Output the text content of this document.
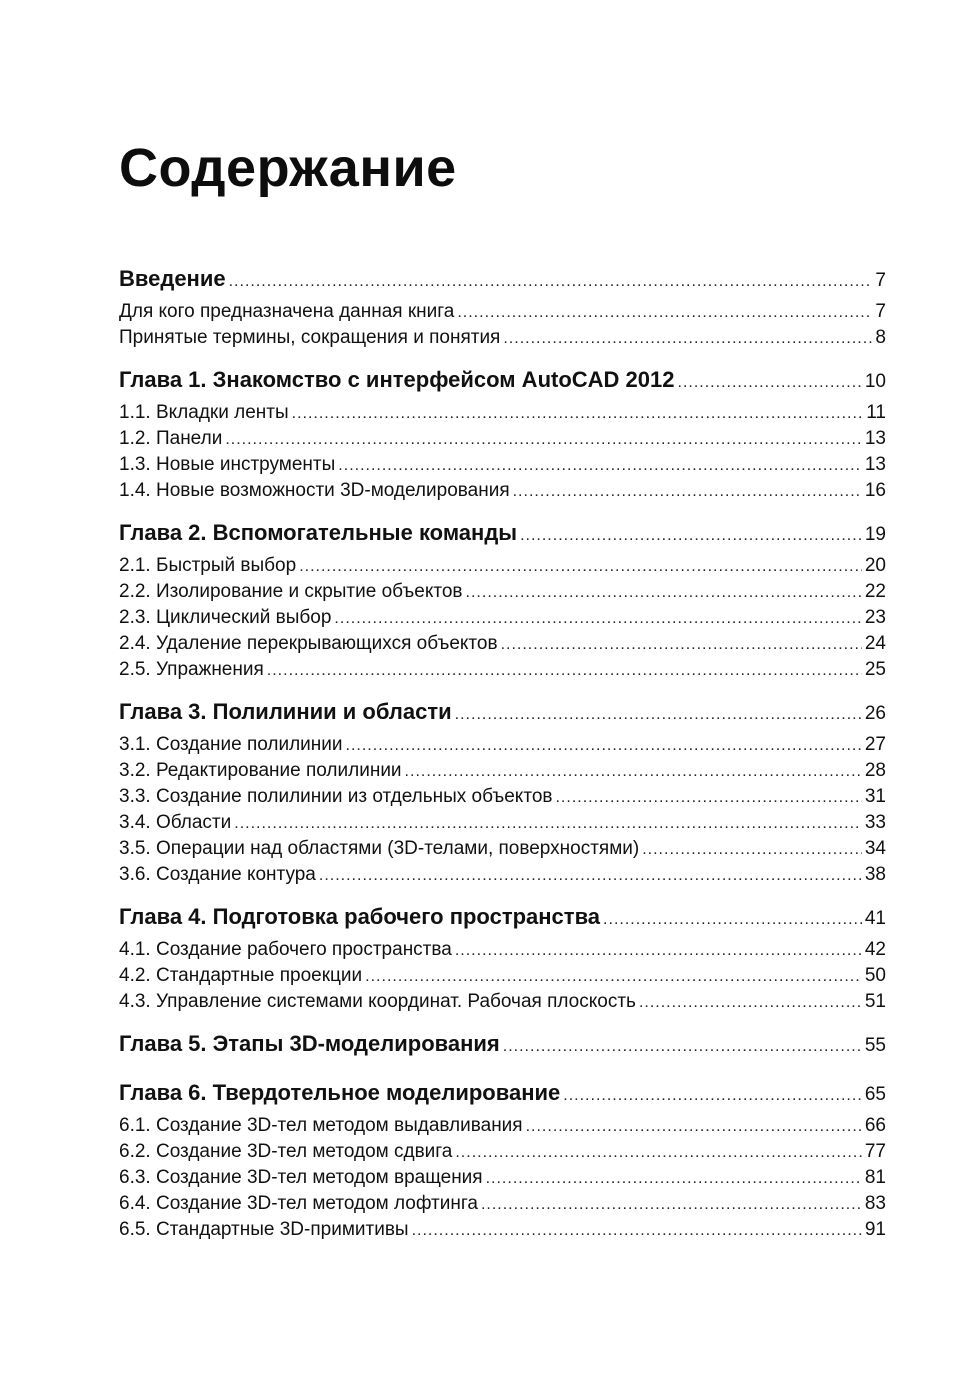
Содержание
Введение .....	7
Для кого предназначена данная книга .....	7
Принятые термины, сокращения и понятия .....	8
Глава 1. Знакомство с интерфейсом AutoCAD 2012 .....	10
1.1. Вкладки ленты .....	11
1.2. Панели .....	13
1.3. Новые инструменты .....	13
1.4. Новые возможности 3D-моделирования .....	16
Глава 2. Вспомогательные команды .....	19
2.1. Быстрый выбор .....	20
2.2. Изолирование и скрытие объектов .....	22
2.3. Циклический выбор .....	23
2.4. Удаление перекрывающихся объектов .....	24
2.5. Упражнения .....	25
Глава 3. Полилинии и области .....	26
3.1. Создание полилинии .....	27
3.2. Редактирование полилинии .....	28
3.3. Создание полилинии из отдельных объектов .....	31
3.4. Области .....	33
3.5. Операции над областями (3D-телами, поверхностями) .....	34
3.6. Создание контура .....	38
Глава 4. Подготовка рабочего пространства .....	41
4.1. Создание рабочего пространства .....	42
4.2. Стандартные проекции .....	50
4.3. Управление системами координат. Рабочая плоскость .....	51
Глава 5. Этапы 3D-моделирования .....	55
Глава 6. Твердотельное моделирование .....	65
6.1. Создание 3D-тел методом выдавливания .....	66
6.2. Создание 3D-тел методом сдвига .....	77
6.3. Создание 3D-тел методом вращения .....	81
6.4. Создание 3D-тел методом лофтинга .....	83
6.5. Стандартные 3D-примитивы .....	91
